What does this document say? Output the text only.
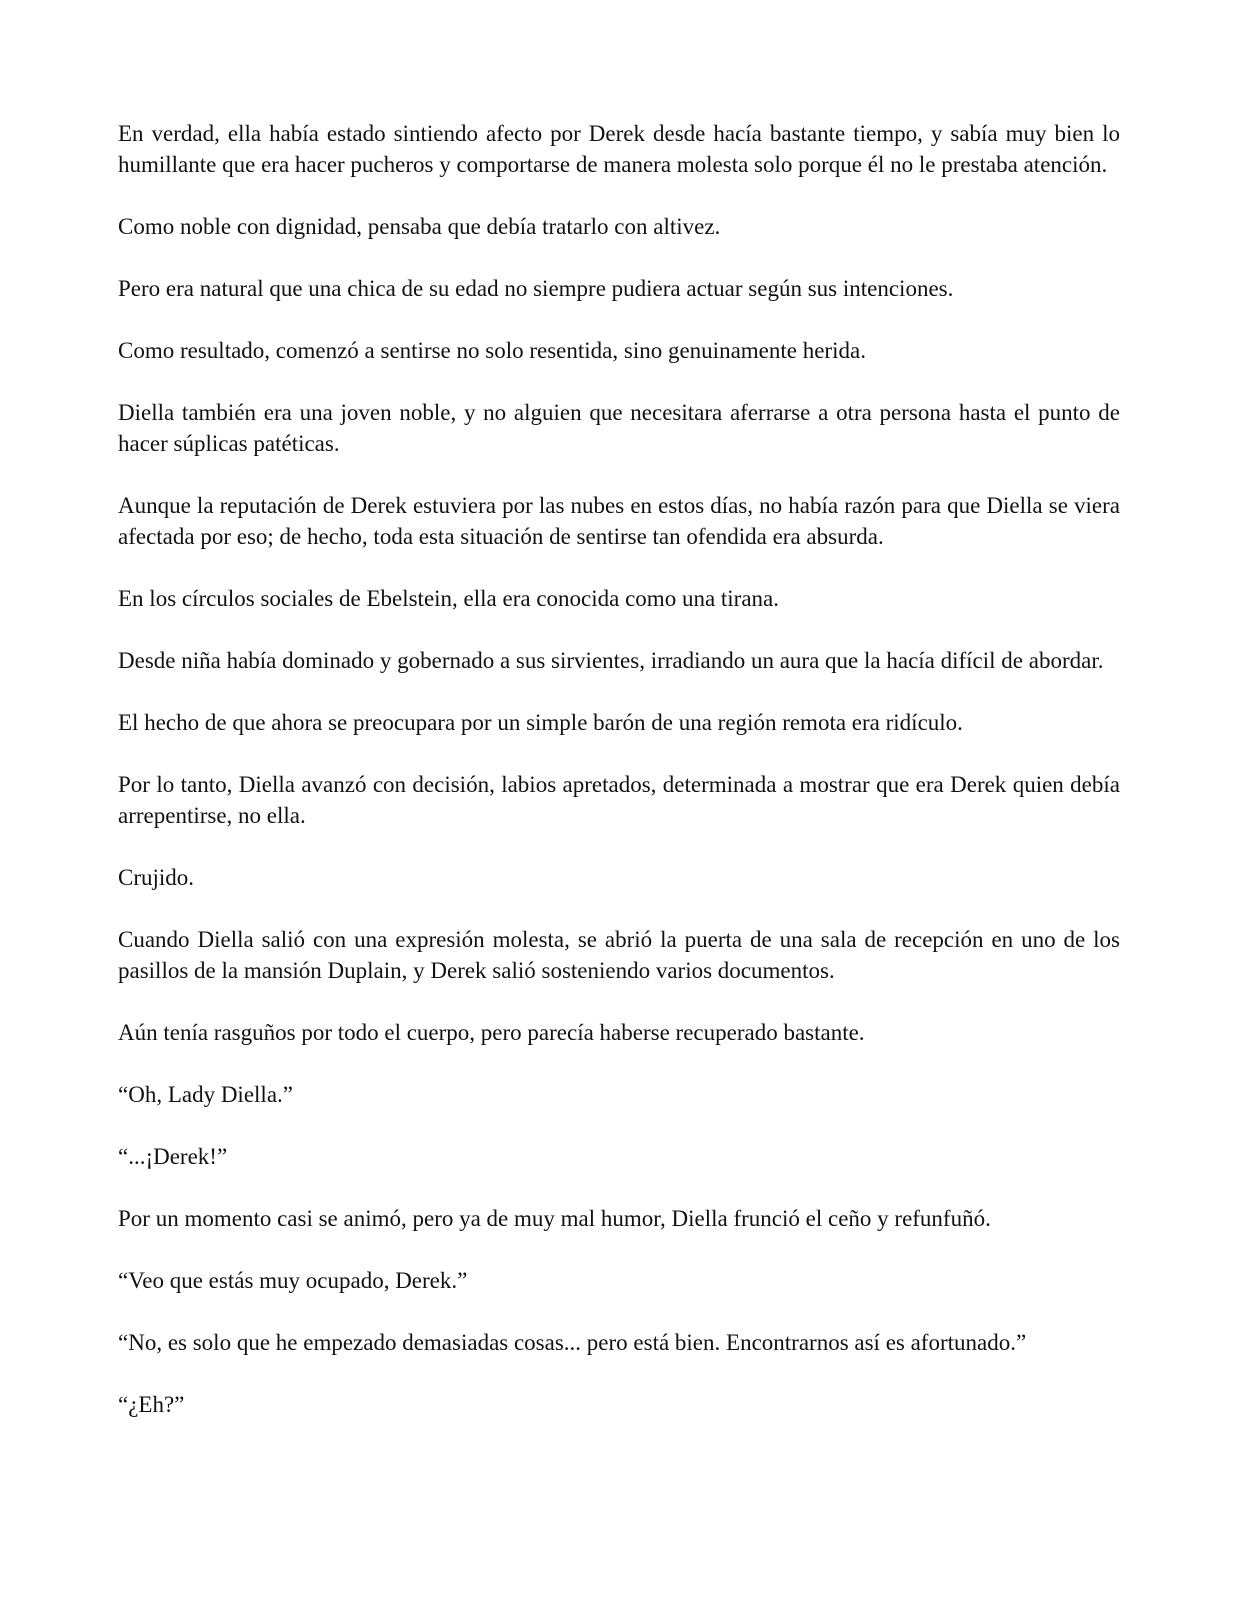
En verdad, ella había estado sintiendo afecto por Derek desde hacía bastante tiempo, y sabía muy bien lo humillante que era hacer pucheros y comportarse de manera molesta solo porque él no le prestaba atención.

Como noble con dignidad, pensaba que debía tratarlo con altivez.

Pero era natural que una chica de su edad no siempre pudiera actuar según sus intenciones.

Como resultado, comenzó a sentirse no solo resentida, sino genuinamente herida.

Diella también era una joven noble, y no alguien que necesitara aferrarse a otra persona hasta el punto de hacer súplicas patéticas.

Aunque la reputación de Derek estuviera por las nubes en estos días, no había razón para que Diella se viera afectada por eso; de hecho, toda esta situación de sentirse tan ofendida era absurda.

En los círculos sociales de Ebelstein, ella era conocida como una tirana.

Desde niña había dominado y gobernado a sus sirvientes, irradiando un aura que la hacía difícil de abordar.

El hecho de que ahora se preocupara por un simple barón de una región remota era ridículo.

Por lo tanto, Diella avanzó con decisión, labios apretados, determinada a mostrar que era Derek quien debía arrepentirse, no ella.

Crujido.

Cuando Diella salió con una expresión molesta, se abrió la puerta de una sala de recepción en uno de los pasillos de la mansión Duplain, y Derek salió sosteniendo varios documentos.

Aún tenía rasguños por todo el cuerpo, pero parecía haberse recuperado bastante.

“Oh, Lady Diella.”

“...¡Derek!”

Por un momento casi se animó, pero ya de muy mal humor, Diella frunció el ceño y refunfuñó.

“Veo que estás muy ocupado, Derek.”

“No, es solo que he empezado demasiadas cosas... pero está bien. Encontrarnos así es afortunado.”

“¿Eh?”
